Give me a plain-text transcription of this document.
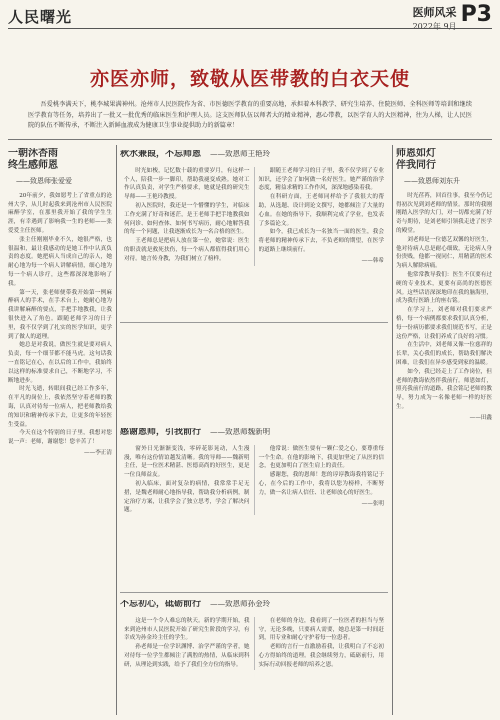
人民曙光	医师风采
2022年 9月 P3
亦医亦师，致敬从医带教的白衣天使
吾爱桃李满天下，桃李城果满神州。沧州市人民医院作为省、市医德医学教育的重要高地，承担着本科教学、研究生培养、住院医师、全科医师等培训和继续医学教育等任务，培养出了一批又一批优秀的临床医生和护理人员。这支医师队伍以师者大的精业精神，惠心带教，以医学育人的大医精神，往为人梯，让人民医院的队伍不断传承，不断注入新鲜血液成为健康卫生事业提供助力的新篇章！
一朝沐杏雨
终生感师恩
——致恩师张爱爱

20年前夕，我如愿考上了省重点的沧州大学，从儿时起我来到沧州市人民医院麻醉学室，在那里我开始了我的学生生涯，有幸遇到了影响我一生的老师——张爱爱主任医师。

张主任刚刚毕业不久，她很严格，也很温和，最让我感动的是她工作中认真负责的态度。她把病人当成自己的亲人，她耐心地为每一个病人讲解病情，细心地为每一个病人诊疗，这些都深深地影响了我。

第一天，张老师便带我开始第一例麻醉病人的手术，在手术台上，她耐心地为我讲解麻醉的要点，手把手地教我，让我很快进入了角色。跟随老师学习的日子里，我不仅学到了扎实的医学知识，更学到了做人的道理。

她总是对我说，做医生就是要对病人负责，每一个细节都不能马虎。这句话我一直铭记在心，在以后的工作中，我始终以这样的标准要求自己，不断地学习，不断地进步。

时光飞逝，转眼间我已经工作多年，在平凡的岗位上，我依然坚守着老师的教诲，认真对待每一位病人，把老师教给我的知识和精神传承下去，让更多的年轻医生受益。

今天在这个特别的日子里，我想对您说一声：老师，谢谢您！您辛苦了！

——李正清
秋水兼葭，不忘师恩 ——致恩师王艳玲

时光如梭，记忆数十载的重要岁月，有这样一个人，陪我一步一脚印，帮助我褪变成熟。她对工作认真负责，对学生严格要求，她就是我的研究生导师——王艳玲教授。

初入医院时，我还是一个懵懂的学生，对临床工作充满了好奇和迷茫，是王老师手把手地教我如何问诊、如何查体、如何书写病历，耐心地解答我的每一个问题，让我逐渐成长为一名合格的医生。

王老师总是把病人放在第一位，她常说：医生的职责就是救死扶伤，每一个病人都值得我们用心对待。她言传身教，为我们树立了榜样。

跟随王老师学习的日子里，我不仅学到了专业知识，还学会了如何做一名好医生。她严谨的治学态度，精益求精的工作作风，深深地感染着我。

在科研方面，王老师同样给予了我很大的帮助，从选题、设计到论文撰写，她都倾注了大量的心血。在她的指导下，我顺利完成了学业，也发表了多篇论文。

如今，我已成长为一名独当一面的医生，我会将老师的精神传承下去，不负老师的期望，在医学的道路上继续前行。

——韩希
感谢恩师，引我前行 ——致恩师魏新明

窗外日光渐渐变浅，零碎花影晃动，人生漫漫，唯有这份情谊越发清晰。我的导师——魏新明主任，是一位医术精湛、医德高尚的好医生，更是一位良师益友。

初入临床，面对复杂的病情，我常常手足无措，是魏老师耐心地指导我，帮助我分析病例，制定治疗方案，让我学会了独立思考，学会了解决问题。

他常说：做医生要有一颗仁爱之心，要尊重每一个生命。在他的影响下，我更加坚定了从医的信念，也更加明白了医生肩上的责任。

感谢您，我的恩师！您的谆谆教诲我将铭记于心，在今后的工作中，我将以您为榜样，不断努力，做一名让病人信任、让老师放心的好医生。

——张明
不忘初心，砥砺前行 ——致恩师孙金玲

这是一个令人难忘的秋天。新的学期开始，我来到沧州市人民医院开始了研究生阶段的学习，有幸成为孙金玲主任的学生。

孙老师是一位学识渊博、治学严谨的学者，她对待每一位学生都倾注了满腔的热情，从临床到科研，从理论到实践，给予了我们全方位的指导。

在老师的身边，我看到了一位医者的担当与坚守，无论多晚，只要病人需要，她总是第一时间赶到，用专业和耐心守护着每一位患者。

老师的言行一直激励着我，让我明白了不忘初心方得始终的道理。我会继续努力，砥砺前行，用实际行动回报老师的培养之恩。

师恩如灯
伴我同行
——致恩师刘东升

时光荏苒，回首往事，我至今仍记得初次见到刘老师的情景。那时的我刚刚踏入医学的大门，对一切都充满了好奇与期待，是刘老师引领我走进了医学的殿堂。

刘老师是一位德艺双馨的好医生，他对待病人总是耐心细致，无论病人身份贵贱，他都一视同仁，用精湛的医术为病人解除病痛。

他常常教导我们：医生不仅要有过硬的专业技术，更要有高尚的医德医风。这些话语深深地印在我的脑海里，成为我行医路上的座右铭。

在学习上，刘老师对我们要求严格，每一个病例都要求我们认真分析，每一份病历都要求我们规范书写，正是这份严格，让我们养成了良好的习惯。

在生活中，刘老师又像一位慈祥的长辈，关心我们的成长，帮助我们解决困难，让我们在异乡感受到家的温暖。

如今，我已经走上了工作岗位，但老师的教诲依然伴我前行。师恩如灯，照亮我前行的道路，我会铭记老师的教导，努力成为一名像老师一样的好医生。

——田鑫
